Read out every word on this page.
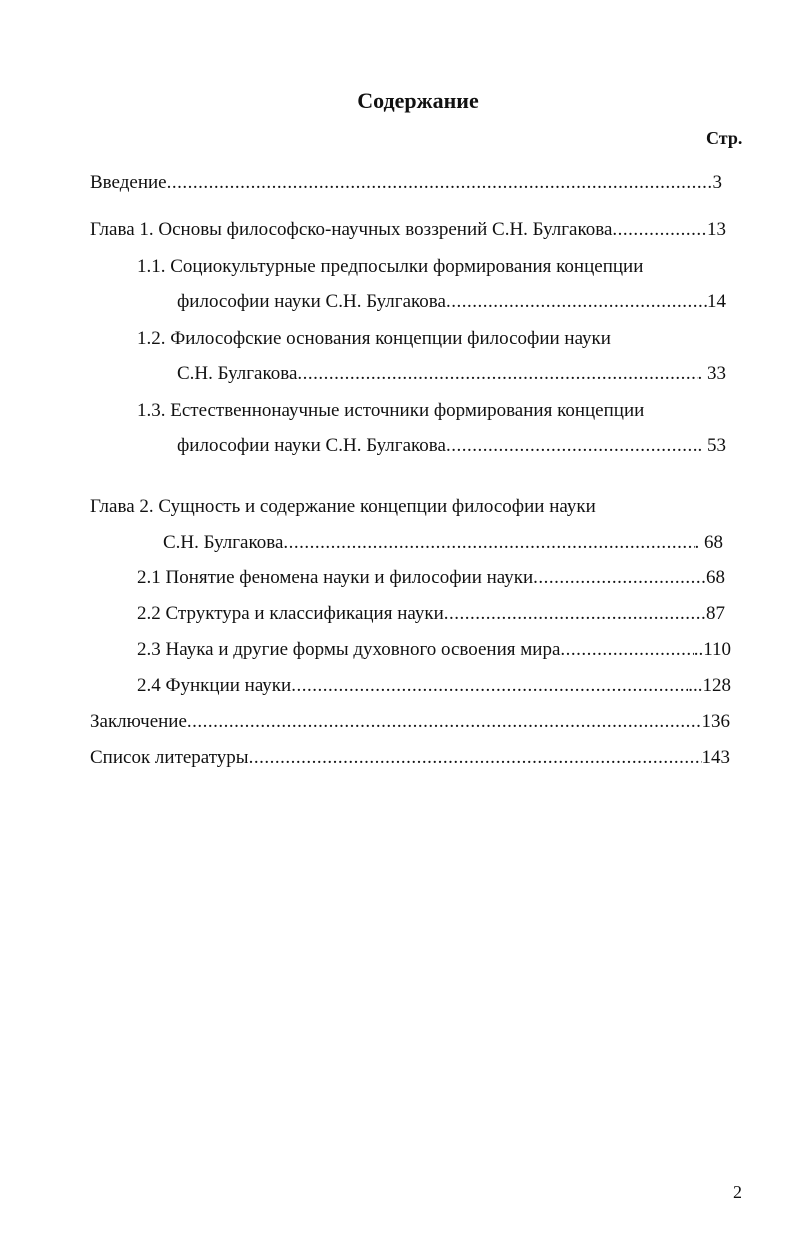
Содержание
Стр.
Введение .....	3
Глава 1. Основы философско-научных воззрений С.Н. Булгакова .....	13
1.1. Социокультурные предпосылки формирования концепции
философии науки С.Н. Булгакова .....	14
1.2. Философские основания концепции философии науки
С.Н. Булгакова .....	. 33
1.3. Естественнонаучные источники формирования концепции
философии науки С.Н. Булгакова .....	. 53
Глава 2. Сущность и содержание концепции философии науки
С.Н. Булгакова .....	. 68
2.1 Понятие феномена науки и философии науки .....	68
2.2 Структура и классификация науки .....	87
2.3 Наука и другие формы духовного освоения мира .....	..110
2.4 Функции науки .....	...128
Заключение .....	136
Список литературы .....	143
2
